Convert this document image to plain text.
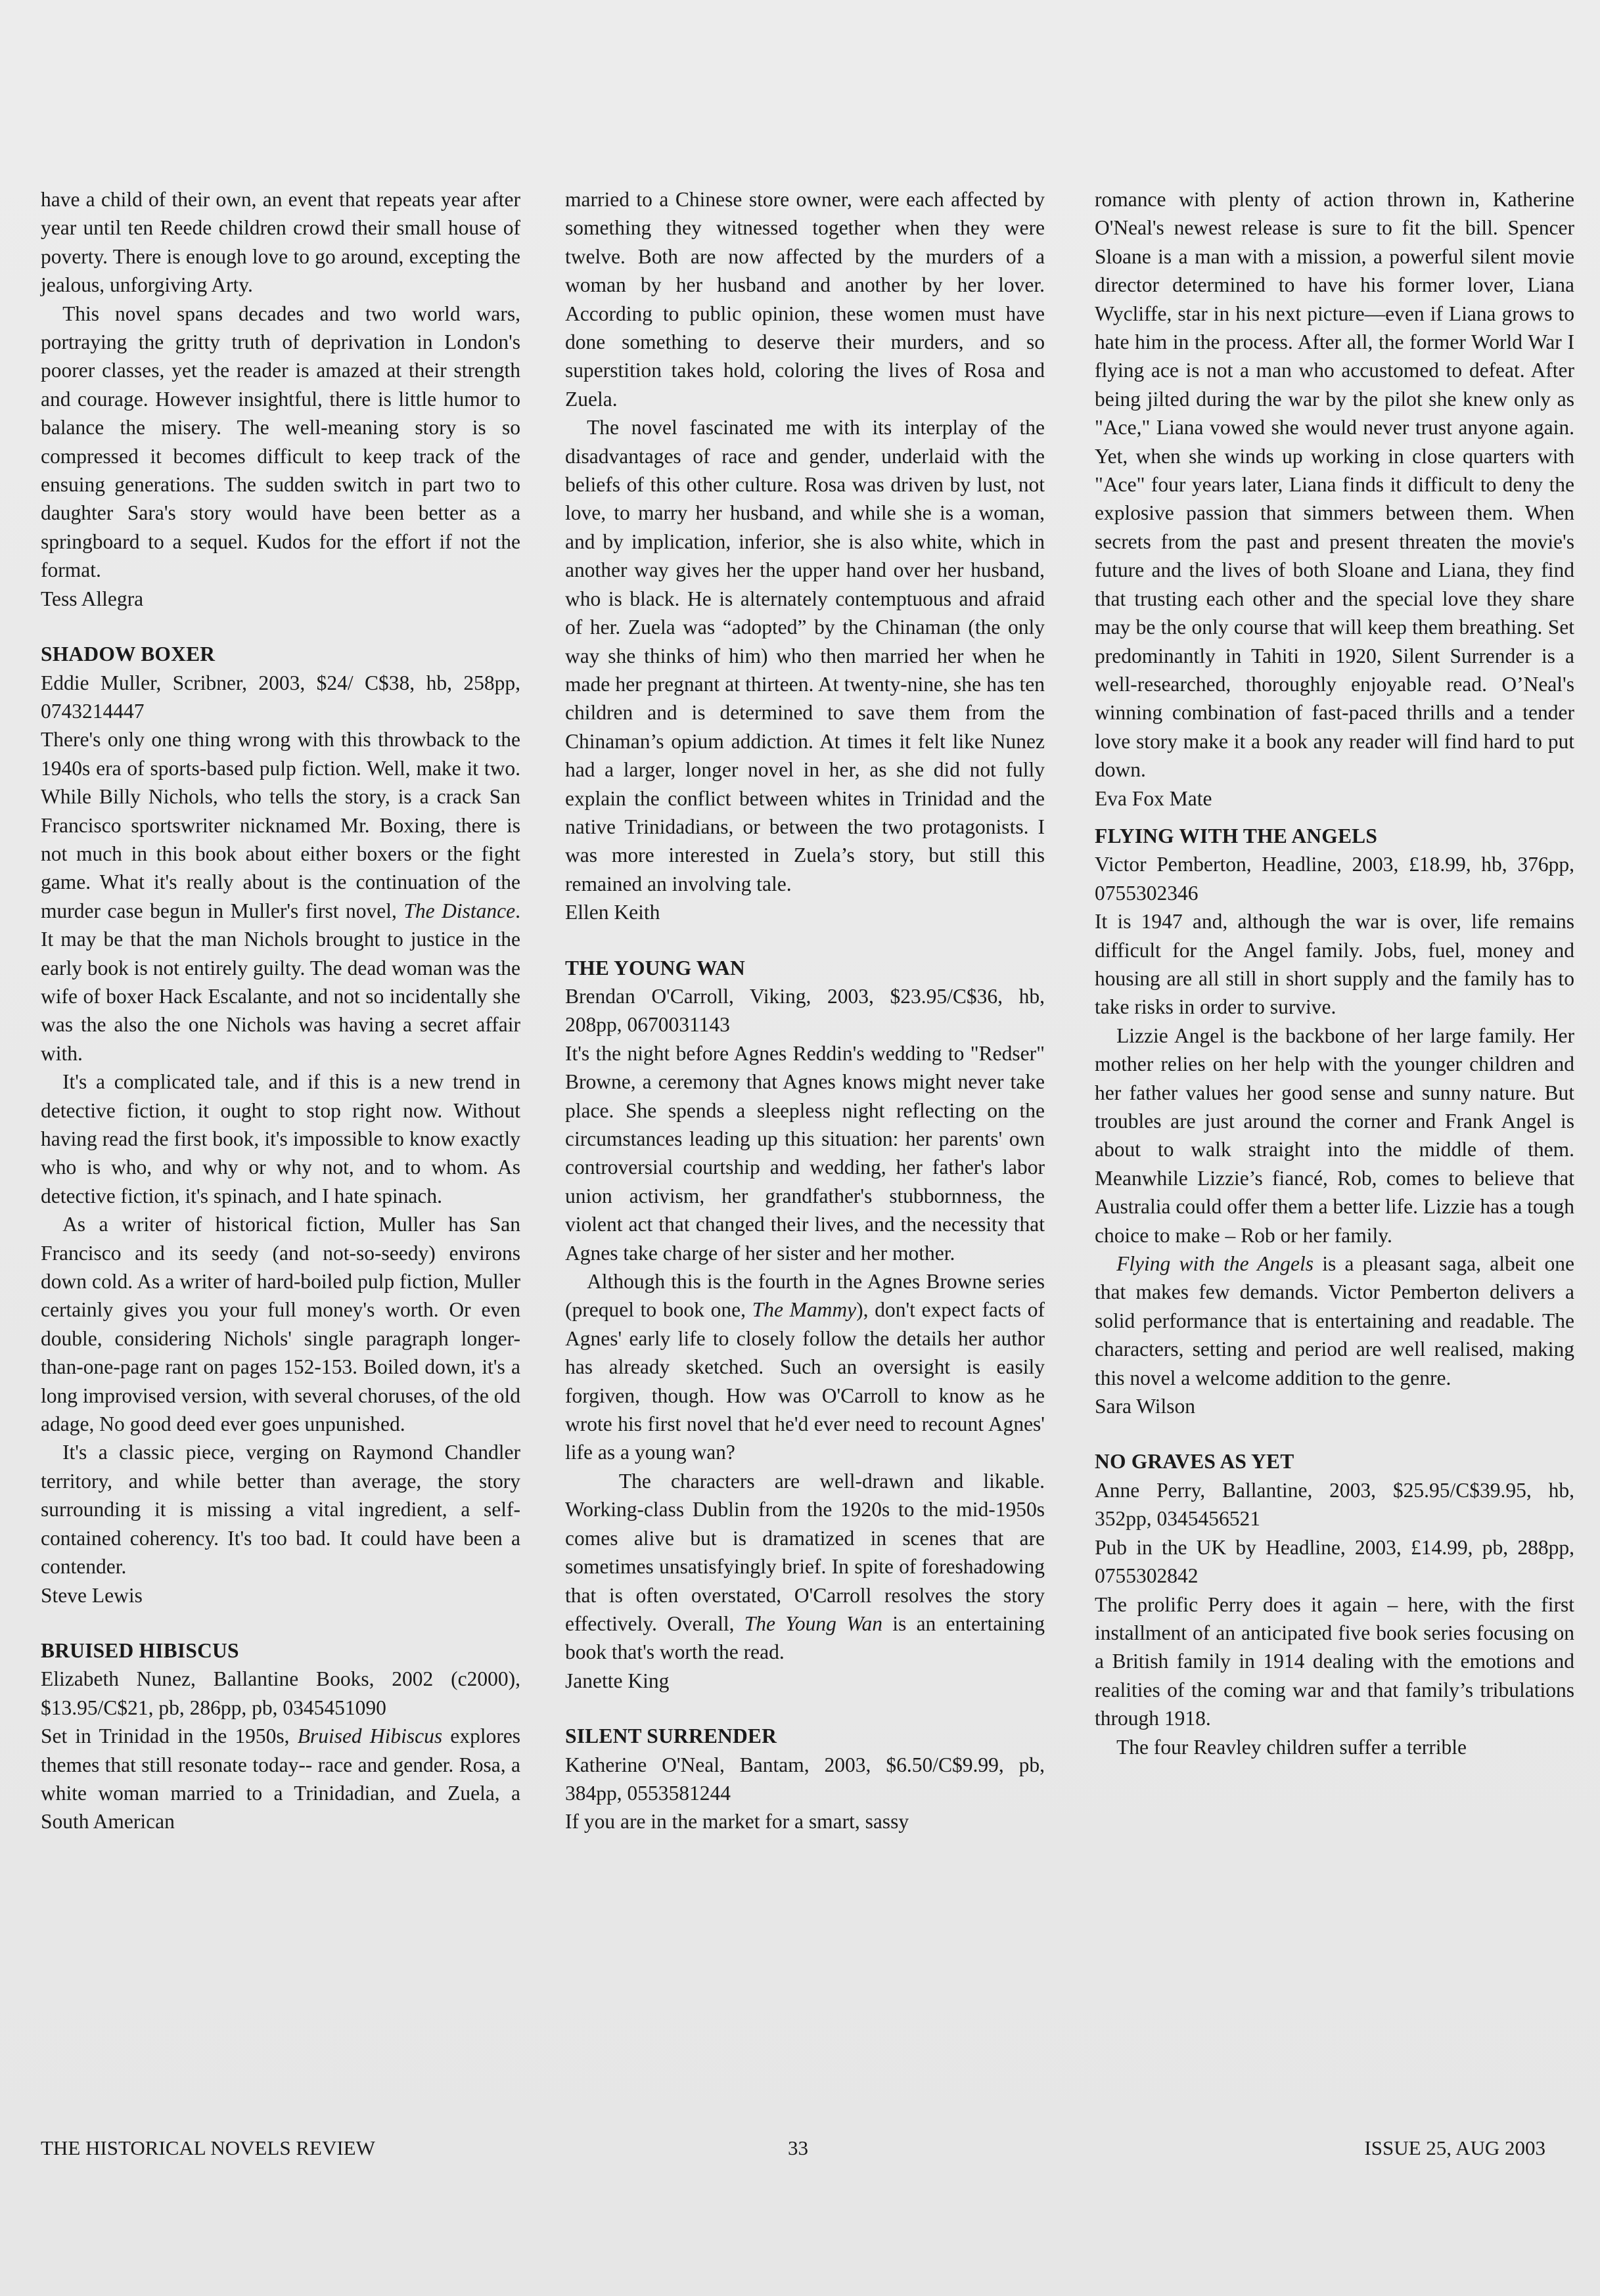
have a child of their own, an event that repeats year after year until ten Reede children crowd their small house of poverty. There is enough love to go around, excepting the jealous, unforgiving Arty.

This novel spans decades and two world wars, portraying the gritty truth of deprivation in London's poorer classes, yet the reader is amazed at their strength and courage. However insightful, there is little humor to balance the misery. The well-meaning story is so compressed it becomes difficult to keep track of the ensuing generations. The sudden switch in part two to daughter Sara's story would have been better as a springboard to a sequel. Kudos for the effort if not the format.

Tess Allegra

SHADOW BOXER

Eddie Muller, Scribner, 2003, $24/ C$38, hb, 258pp, 0743214447

There's only one thing wrong with this throwback to the 1940s era of sports-based pulp fiction. Well, make it two. While Billy Nichols, who tells the story, is a crack San Francisco sportswriter nicknamed Mr. Boxing, there is not much in this book about either boxers or the fight game. What it's really about is the continuation of the murder case begun in Muller's first novel, The Distance. It may be that the man Nichols brought to justice in the early book is not entirely guilty. The dead woman was the wife of boxer Hack Escalante, and not so incidentally she was the also the one Nichols was having a secret affair with.

It's a complicated tale, and if this is a new trend in detective fiction, it ought to stop right now. Without having read the first book, it's impossible to know exactly who is who, and why or why not, and to whom. As detective fiction, it's spinach, and I hate spinach.

As a writer of historical fiction, Muller has San Francisco and its seedy (and not-so-seedy) environs down cold. As a writer of hard-boiled pulp fiction, Muller certainly gives you your full money's worth. Or even double, considering Nichols' single paragraph longer-than-one-page rant on pages 152-153. Boiled down, it's a long improvised version, with several choruses, of the old adage, No good deed ever goes unpunished.

It's a classic piece, verging on Raymond Chandler territory, and while better than average, the story surrounding it is missing a vital ingredient, a self-contained coherency. It's too bad. It could have been a contender.

Steve Lewis

BRUISED HIBISCUS

Elizabeth Nunez, Ballantine Books, 2002 (c2000), $13.95/C$21, pb, 286pp, pb, 0345451090

Set in Trinidad in the 1950s, Bruised Hibiscus explores themes that still resonate today-- race and gender. Rosa, a white woman married to a Trinidadian, and Zuela, a South American

married to a Chinese store owner, were each affected by something they witnessed together when they were twelve. Both are now affected by the murders of a woman by her husband and another by her lover. According to public opinion, these women must have done something to deserve their murders, and so superstition takes hold, coloring the lives of Rosa and Zuela.

The novel fascinated me with its interplay of the disadvantages of race and gender, underlaid with the beliefs of this other culture. Rosa was driven by lust, not love, to marry her husband, and while she is a woman, and by implication, inferior, she is also white, which in another way gives her the upper hand over her husband, who is black. He is alternately contemptuous and afraid of her. Zuela was “adopted” by the Chinaman (the only way she thinks of him) who then married her when he made her pregnant at thirteen. At twenty-nine, she has ten children and is determined to save them from the Chinaman’s opium addiction. At times it felt like Nunez had a larger, longer novel in her, as she did not fully explain the conflict between whites in Trinidad and the native Trinidadians, or between the two protagonists. I was more interested in Zuela’s story, but still this remained an involving tale.

Ellen Keith

THE YOUNG WAN

Brendan O'Carroll, Viking, 2003, $23.95/C$36, hb, 208pp, 0670031143

It's the night before Agnes Reddin's wedding to "Redser" Browne, a ceremony that Agnes knows might never take place. She spends a sleepless night reflecting on the circumstances leading up this situation: her parents' own controversial courtship and wedding, her father's labor union activism, her grandfather's stubbornness, the violent act that changed their lives, and the necessity that Agnes take charge of her sister and her mother.

Although this is the fourth in the Agnes Browne series (prequel to book one, The Mammy), don't expect facts of Agnes' early life to closely follow the details her author has already sketched. Such an oversight is easily forgiven, though. How was O'Carroll to know as he wrote his first novel that he'd ever need to recount Agnes' life as a young wan?

The characters are well-drawn and likable. Working-class Dublin from the 1920s to the mid-1950s comes alive but is dramatized in scenes that are sometimes unsatisfyingly brief. In spite of foreshadowing that is often overstated, O'Carroll resolves the story effectively. Overall, The Young Wan is an entertaining book that's worth the read.

Janette King

SILENT SURRENDER

Katherine O'Neal, Bantam, 2003, $6.50/C$9.99, pb, 384pp, 0553581244

If you are in the market for a smart, sassy

romance with plenty of action thrown in, Katherine O'Neal's newest release is sure to fit the bill. Spencer Sloane is a man with a mission, a powerful silent movie director determined to have his former lover, Liana Wycliffe, star in his next picture—even if Liana grows to hate him in the process. After all, the former World War I flying ace is not a man who accustomed to defeat. After being jilted during the war by the pilot she knew only as "Ace," Liana vowed she would never trust anyone again. Yet, when she winds up working in close quarters with "Ace" four years later, Liana finds it difficult to deny the explosive passion that simmers between them. When secrets from the past and present threaten the movie's future and the lives of both Sloane and Liana, they find that trusting each other and the special love they share may be the only course that will keep them breathing. Set predominantly in Tahiti in 1920, Silent Surrender is a well-researched, thoroughly enjoyable read. O’Neal's winning combination of fast-paced thrills and a tender love story make it a book any reader will find hard to put down.

Eva Fox Mate

FLYING WITH THE ANGELS

Victor Pemberton, Headline, 2003, £18.99, hb, 376pp, 0755302346

It is 1947 and, although the war is over, life remains difficult for the Angel family. Jobs, fuel, money and housing are all still in short supply and the family has to take risks in order to survive.

Lizzie Angel is the backbone of her large family. Her mother relies on her help with the younger children and her father values her good sense and sunny nature. But troubles are just around the corner and Frank Angel is about to walk straight into the middle of them. Meanwhile Lizzie’s fiancé, Rob, comes to believe that Australia could offer them a better life. Lizzie has a tough choice to make – Rob or her family.

Flying with the Angels is a pleasant saga, albeit one that makes few demands. Victor Pemberton delivers a solid performance that is entertaining and readable. The characters, setting and period are well realised, making this novel a welcome addition to the genre.

Sara Wilson

NO GRAVES AS YET

Anne Perry, Ballantine, 2003, $25.95/C$39.95, hb, 352pp, 0345456521

Pub in the UK by Headline, 2003, £14.99, pb, 288pp, 0755302842

The prolific Perry does it again – here, with the first installment of an anticipated five book series focusing on a British family in 1914 dealing with the emotions and realities of the coming war and that family’s tribulations through 1918.

The four Reavley children suffer a terrible

THE HISTORICAL NOVELS REVIEW	33	ISSUE 25, AUG 2003
